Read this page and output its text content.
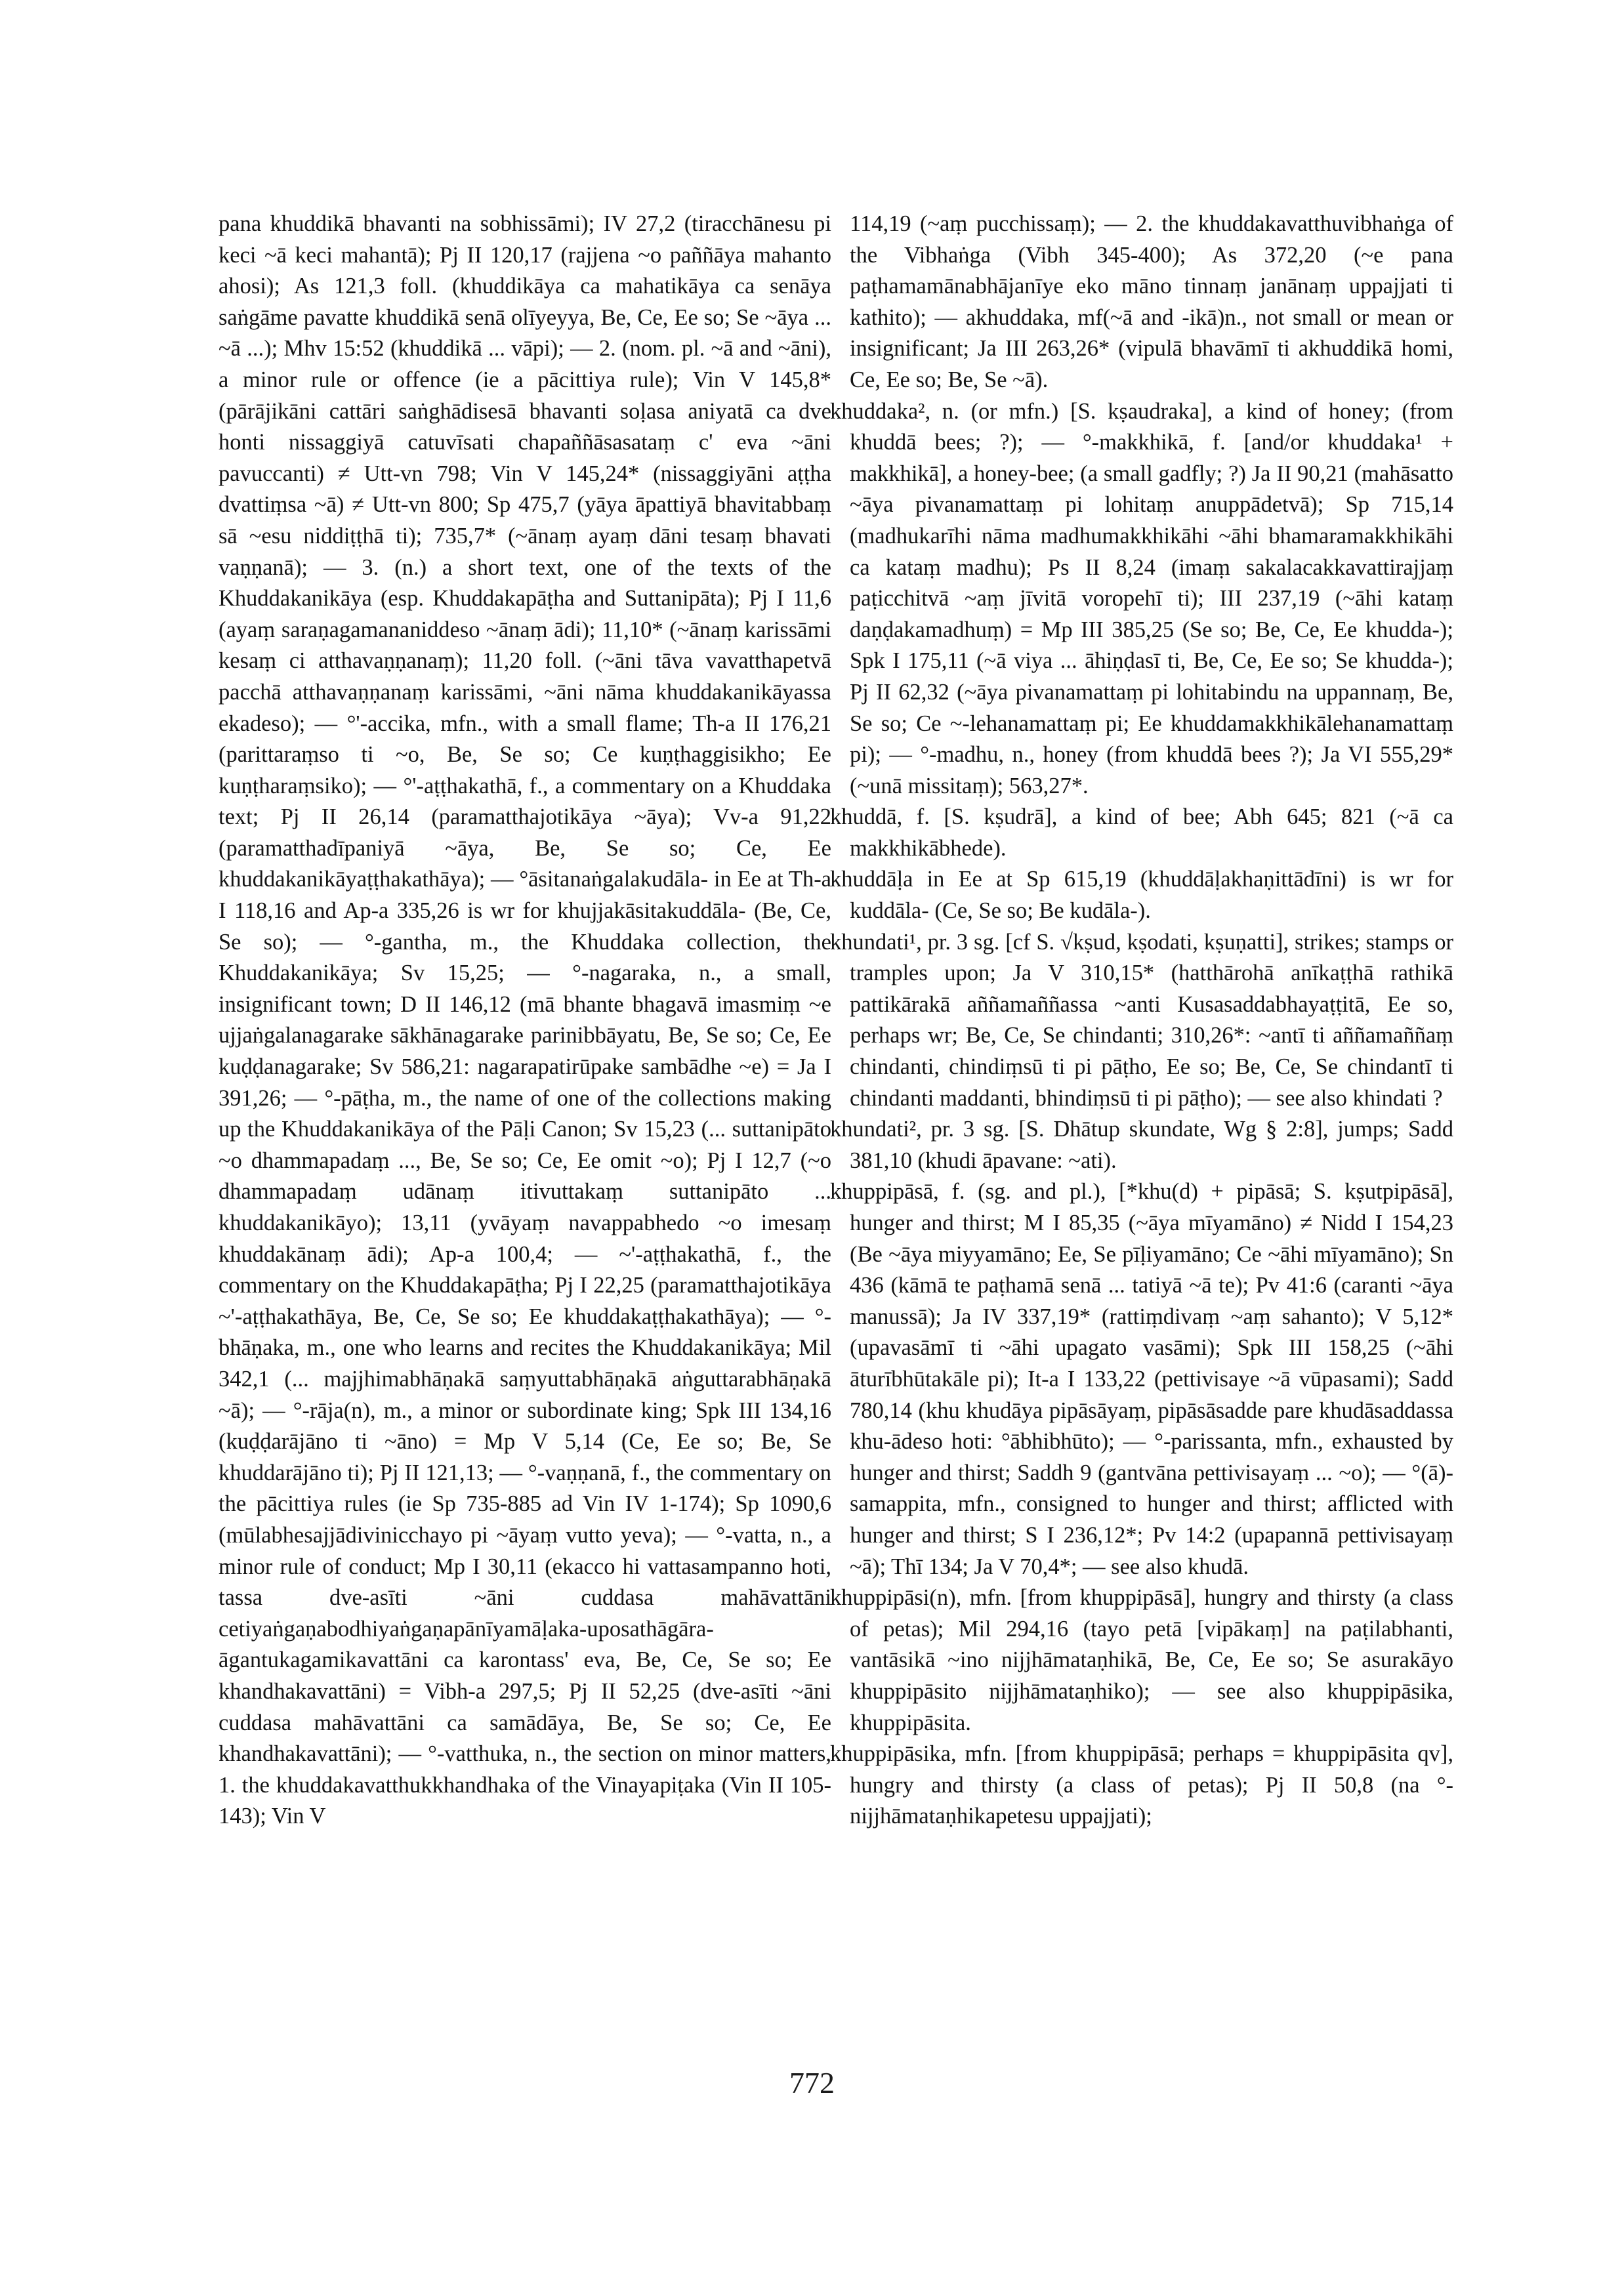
pana khuddikā bhavanti na sobhissāmi); IV 27,2 (tiracchānesu pi keci ~ā keci mahantā); Pj II 120,17 (rajjena ~o paññāya mahanto ahosi); As 121,3 foll. (khuddikāya ca mahatikāya ca senāya saṅgāme pavatte khuddikā senā olīyeyya, Be, Ce, Ee so; Se ~āya ... ~ā ...); Mhv 15:52 (khuddikā ... vāpi); — 2. (nom. pl. ~ā and ~āni), a minor rule or offence (ie a pācittiya rule); Vin V 145,8* (pārājikāni cattāri saṅghādisesā bhavanti soḷasa aniyatā ca dve honti nissaggiyā catuvīsati chapaññāsasataṃ c' eva ~āni pavuccanti) ≠ Utt-vn 798; Vin V 145,24* (nissaggiyāni aṭṭha dvattiṃsa ~ā) ≠ Utt-vn 800; Sp 475,7 (yāya āpattiyā bhavitabbaṃ sā ~esu niddiṭṭhā ti); 735,7* (~ānaṃ ayaṃ dāni tesaṃ bhavati vaṇṇanā); — 3. (n.) a short text, one of the texts of the Khuddakanikāya (esp. Khuddakapāṭha and Suttanipāta); Pj I 11,6 (ayaṃ saraṇagamananiddeso ~ānaṃ ādi); 11,10* (~ānaṃ karissāmi kesaṃ ci atthavaṇṇanaṃ); 11,20 foll. (~āni tāva vavatthapetvā pacchā atthavaṇṇanaṃ karissāmi, ~āni nāma khuddakanikāyassa ekadeso); — °'-accika, mfn., with a small flame; Th-a II 176,21 (parittaraṃso ti ~o, Be, Se so; Ce kuṇṭhaggisikho; Ee kuṇṭharaṃsiko); — °'-aṭṭhakathā, f., a commentary on a Khuddaka text; Pj II 26,14 (paramatthajotikāya ~āya); Vv-a 91,22 (paramatthadīpaniyā ~āya, Be, Se so; Ce, Ee khuddakanikāyaṭṭhakathāya); — °āsitanaṅgalakudāla- in Ee at Th-a I 118,16 and Ap-a 335,26 is wr for khujjakāsitakuddāla- (Be, Ce, Se so); — °-gantha, m., the Khuddaka collection, the Khuddakanikāya; Sv 15,25; — °-nagaraka, n., a small, insignificant town; D II 146,12 (mā bhante bhagavā imasmiṃ ~e ujjaṅgalanagarake sākhānagarake parinibbāyatu, Be, Se so; Ce, Ee kuḍḍanagarake; Sv 586,21: nagarapatirūpake sambādhe ~e) = Ja I 391,26; — °-pāṭha, m., the name of one of the collections making up the Khuddakanikāya of the Pāḷi Canon; Sv 15,23 (... suttanipāto ~o dhammapadaṃ ..., Be, Se so; Ce, Ee omit ~o); Pj I 12,7 (~o dhammapadaṃ udānaṃ itivuttakaṃ suttanipāto ... khuddakanikāyo); 13,11 (yvāyaṃ navappabhedo ~o imesaṃ khuddakānaṃ ādi); Ap-a 100,4; — ~'-aṭṭhakathā, f., the commentary on the Khuddakapāṭha; Pj I 22,25 (paramatthajotikāya ~'-aṭṭhakathāya, Be, Ce, Se so; Ee khuddakaṭṭhakathāya); — °-bhāṇaka, m., one who learns and recites the Khuddakanikāya; Mil 342,1 (... majjhimabhāṇakā saṃyuttabhāṇakā aṅguttarabhāṇakā ~ā); — °-rāja(n), m., a minor or subordinate king; Spk III 134,16 (kuḍḍarājāno ti ~āno) = Mp V 5,14 (Ce, Ee so; Be, Se khuddarājāno ti); Pj II 121,13; — °-vaṇṇanā, f., the commentary on the pācittiya rules (ie Sp 735-885 ad Vin IV 1-174); Sp 1090,6 (mūlabhesajjādivinicchayo pi ~āyaṃ vutto yeva); — °-vatta, n., a minor rule of conduct; Mp I 30,11 (ekacco hi vattasampanno hoti, tassa dve-asīti ~āni cuddasa mahāvattāni cetiyaṅgaṇabodhiyaṅgaṇapānīyamāḷaka-uposathāgāra-āgantukagamikavattāni ca karontass' eva, Be, Ce, Se so; Ee khandhakavattāni) = Vibh-a 297,5; Pj II 52,25 (dve-asīti ~āni cuddasa mahāvattāni ca samādāya, Be, Se so; Ce, Ee khandhakavattāni); — °-vatthuka, n., the section on minor matters, 1. the khuddakavatthukkhandhaka of the Vinayapiṭaka (Vin II 105-143); Vin V

114,19 (~aṃ pucchissaṃ); — 2. the khuddakavatthuvibhaṅga of the Vibhaṅga (Vibh 345-400); As 372,20 (~e pana paṭhamamānabhājanīye eko māno tinnaṃ janānaṃ uppajjati ti kathito); — akhuddaka, mf(~ā and -ikā)n., not small or mean or insignificant; Ja III 263,26* (vipulā bhavāmī ti akhuddikā homi, Ce, Ee so; Be, Se ~ā).

khuddaka², n. (or mfn.) [S. kṣaudraka], a kind of honey; (from khuddā bees; ?); — °-makkhikā, f. [and/or khuddaka¹ + makkhikā], a honey-bee; (a small gadfly; ?) Ja II 90,21 (mahāsatto ~āya pivanamattaṃ pi lohitaṃ anuppādetvā); Sp 715,14 (madhukarīhi nāma madhumakkhikāhi ~āhi bhamaramakkhikāhi ca kataṃ madhu); Ps II 8,24 (imaṃ sakalacakkavattirajjaṃ paṭicchitvā ~aṃ jīvitā voropehī ti); III 237,19 (~āhi kataṃ daṇḍakamadhuṃ) = Mp III 385,25 (Se so; Be, Ce, Ee khudda-); Spk I 175,11 (~ā viya ... āhiṇḍasī ti, Be, Ce, Ee so; Se khudda-); Pj II 62,32 (~āya pivanamattaṃ pi lohitabindu na uppannaṃ, Be, Se so; Ce ~-lehanamattaṃ pi; Ee khuddamakkhikālehanamattaṃ pi); — °-madhu, n., honey (from khuddā bees ?); Ja VI 555,29* (~unā missitaṃ); 563,27*.

khuddā, f. [S. kṣudrā], a kind of bee; Abh 645; 821 (~ā ca makkhikābhede).

khuddāḷa in Ee at Sp 615,19 (khuddāḷakhaṇittādīni) is wr for kuddāla- (Ce, Se so; Be kudāla-).

khundati¹, pr. 3 sg. [cf S. √kṣud, kṣodati, kṣuṇatti], strikes; stamps or tramples upon; Ja V 310,15* (hatthārohā anīkaṭṭhā rathikā pattikārakā aññamaññassa ~anti Kusasaddabhayaṭṭitā, Ee so, perhaps wr; Be, Ce, Se chindanti; 310,26*: ~antī ti aññamaññaṃ chindanti, chindiṃsū ti pi pāṭho, Ee so; Be, Ce, Se chindantī ti chindanti maddanti, bhindiṃsū ti pi pāṭho); — see also khindati ?

khundati², pr. 3 sg. [S. Dhātup skundate, Wg § 2:8], jumps; Sadd 381,10 (khudi āpavane: ~ati).

khuppipāsā, f. (sg. and pl.), [*khu(d) + pipāsā; S. kṣutpipāsā], hunger and thirst; M I 85,35 (~āya mīyamāno) ≠ Nidd I 154,23 (Be ~āya miyyamāno; Ee, Se pīḷiyamāno; Ce ~āhi mīyamāno); Sn 436 (kāmā te paṭhamā senā ... tatiyā ~ā te); Pv 41:6 (caranti ~āya manussā); Ja IV 337,19* (rattiṃdivaṃ ~aṃ sahanto); V 5,12* (upavasāmī ti ~āhi upagato vasāmi); Spk III 158,25 (~āhi āturībhūtakāle pi); It-a I 133,22 (pettivisaye ~ā vūpasami); Sadd 780,14 (khu khudāya pipāsāyaṃ, pipāsāsadde pare khudāsaddassa khu-ādeso hoti: °ābhibhūto); — °-parissanta, mfn., exhausted by hunger and thirst; Saddh 9 (gantvāna pettivisayaṃ ... ~o); — °(ā)-samappita, mfn., consigned to hunger and thirst; afflicted with hunger and thirst; S I 236,12*; Pv 14:2 (upapannā pettivisayaṃ ~ā); Thī 134; Ja V 70,4*; — see also khudā.

khuppipāsi(n), mfn. [from khuppipāsā], hungry and thirsty (a class of petas); Mil 294,16 (tayo petā [vipākaṃ] na paṭilabhanti, vantāsikā ~ino nijjhāmataṇhikā, Be, Ce, Ee so; Se asurakāyo khuppipāsito nijjhāmataṇhiko); — see also khuppipāsika, khuppipāsita.

khuppipāsika, mfn. [from khuppipāsā; perhaps = khuppipāsita qv], hungry and thirsty (a class of petas); Pj II 50,8 (na °-nijjhāmataṇhikapetesu uppajjati);

772
